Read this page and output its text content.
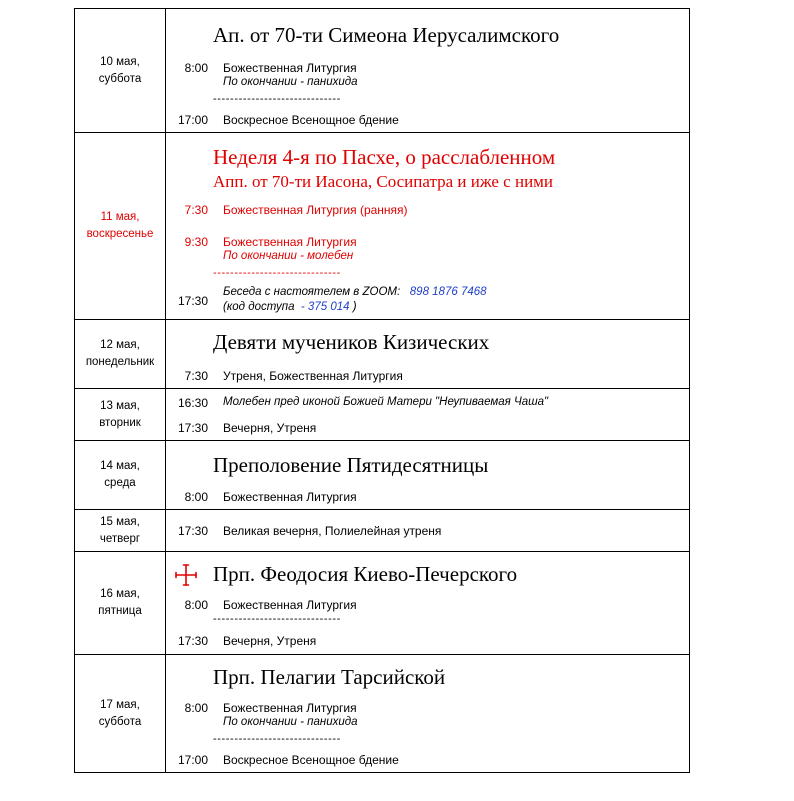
10 мая,
суббота
Ап. от 70-ти Симеона Иерусалимского
8:00 Божественная Литургия
По окончании - панихида
------------------------------
17:00 Воскресное Всенощное бдение
11 мая,
воскресенье
Неделя 4-я по Пасхе, о расслабленном
Апп. от 70-ти Иасона, Сосипатра и иже с ними
7:30 Божественная Литургия (ранняя)
9:30 Божественная Литургия
По окончании - молебен
------------------------------
17:30
Беседа с настоятелем в ZOOM: 898 1876 7468
(код доступа - 375 014 )
12 мая,
понедельник
Девяти мучеников Кизических
7:30 Утреня, Божественная Литургия
13 мая,
вторник
16:30 Молебен пред иконой Божией Матери "Неупиваемая Чаша"
17:30 Вечерня, Утреня
14 мая,
среда
Преполовение Пятидесятницы
8:00 Божественная Литургия
15 мая,
четверг
17:30 Великая вечерня, Полиелейная утреня
16 мая,
пятница
Прп. Феодосия Киево-Печерского
8:00 Божественная Литургия
------------------------------
17:30 Вечерня, Утреня
17 мая,
суббота
Прп. Пелагии Тарсийской
8:00 Божественная Литургия
По окончании - панихида
------------------------------
17:00 Воскресное Всенощное бдение
